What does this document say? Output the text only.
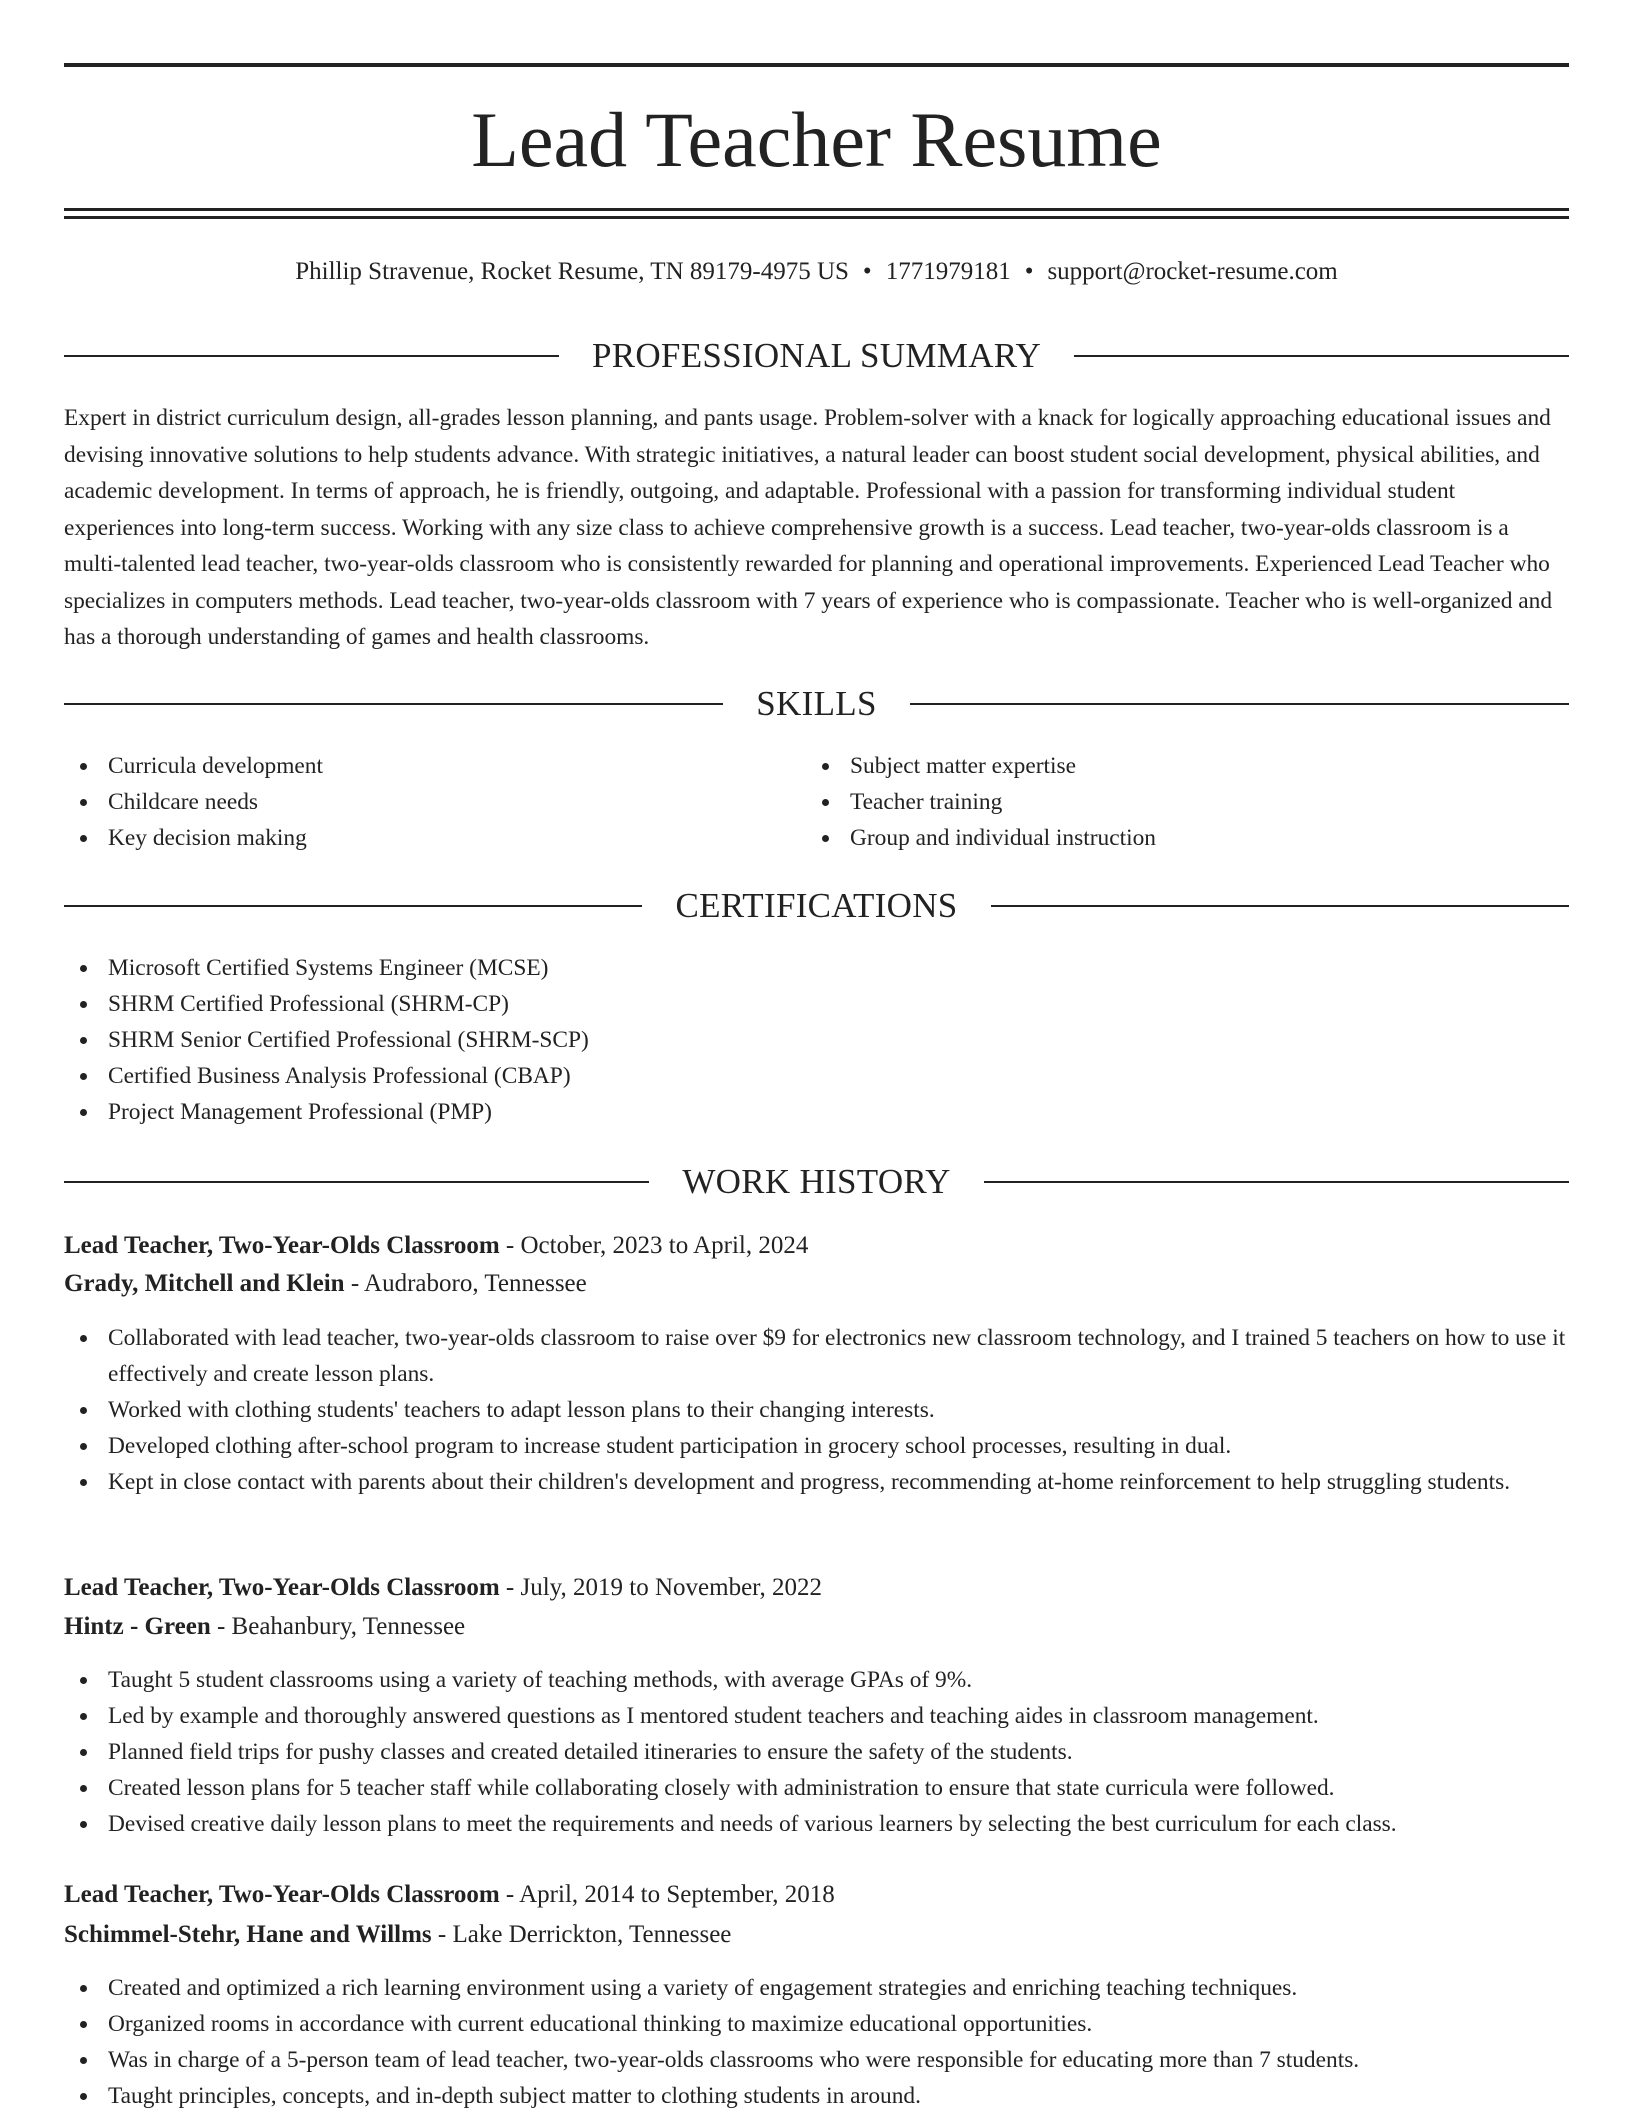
Lead Teacher Resume
Phillip Stravenue, Rocket Resume, TN 89179-4975 US • 1771979181 • support@rocket-resume.com
PROFESSIONAL SUMMARY

Expert in district curriculum design, all-grades lesson planning, and pants usage. Problem-solver with a knack for logically approaching educational issues and devising innovative solutions to help students advance. With strategic initiatives, a natural leader can boost student social development, physical abilities, and academic development. In terms of approach, he is friendly, outgoing, and adaptable. Professional with a passion for transforming individual student experiences into long-term success. Working with any size class to achieve comprehensive growth is a success. Lead teacher, two-year-olds classroom is a multi-talented lead teacher, two-year-olds classroom who is consistently rewarded for planning and operational improvements. Experienced Lead Teacher who specializes in computers methods. Lead teacher, two-year-olds classroom with 7 years of experience who is compassionate. Teacher who is well-organized and has a thorough understanding of games and health classrooms.

SKILLS
Curricula development
Childcare needs
Key decision making
Subject matter expertise
Teacher training
Group and individual instruction
CERTIFICATIONS
Microsoft Certified Systems Engineer (MCSE)
SHRM Certified Professional (SHRM-CP)
SHRM Senior Certified Professional (SHRM-SCP)
Certified Business Analysis Professional (CBAP)
Project Management Professional (PMP)
WORK HISTORY
Lead Teacher, Two-Year-Olds Classroom - October, 2023 to April, 2024
Grady, Mitchell and Klein - Audraboro, Tennessee
Collaborated with lead teacher, two-year-olds classroom to raise over $9 for electronics new classroom technology, and I trained 5 teachers on how to use it effectively and create lesson plans.
Worked with clothing students' teachers to adapt lesson plans to their changing interests.
Developed clothing after-school program to increase student participation in grocery school processes, resulting in dual.
Kept in close contact with parents about their children's development and progress, recommending at-home reinforcement to help struggling students.
Lead Teacher, Two-Year-Olds Classroom - July, 2019 to November, 2022
Hintz - Green - Beahanbury, Tennessee
Taught 5 student classrooms using a variety of teaching methods, with average GPAs of 9%.
Led by example and thoroughly answered questions as I mentored student teachers and teaching aides in classroom management.
Planned field trips for pushy classes and created detailed itineraries to ensure the safety of the students.
Created lesson plans for 5 teacher staff while collaborating closely with administration to ensure that state curricula were followed.
Devised creative daily lesson plans to meet the requirements and needs of various learners by selecting the best curriculum for each class.
Lead Teacher, Two-Year-Olds Classroom - April, 2014 to September, 2018
Schimmel-Stehr, Hane and Willms - Lake Derrickton, Tennessee
Created and optimized a rich learning environment using a variety of engagement strategies and enriching teaching techniques.
Organized rooms in accordance with current educational thinking to maximize educational opportunities.
Was in charge of a 5-person team of lead teacher, two-year-olds classrooms who were responsible for educating more than 7 students.
Taught principles, concepts, and in-depth subject matter to clothing students in around.
